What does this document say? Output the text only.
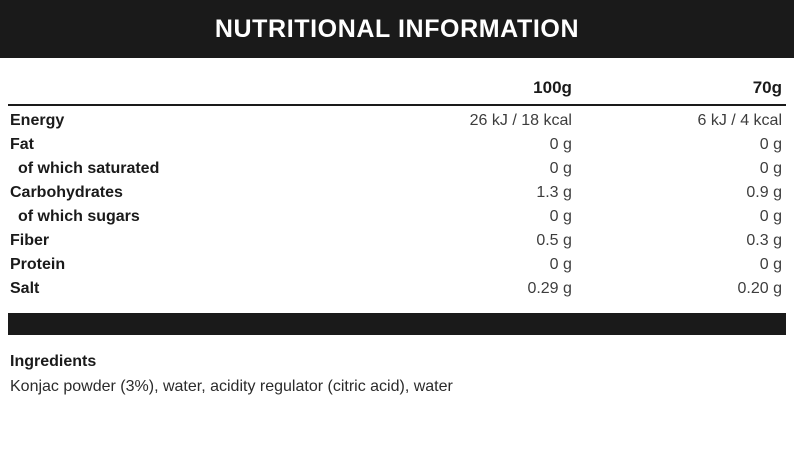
NUTRITIONAL INFORMATION
	100g	70g
Energy	26 kJ / 18 kcal	6 kJ / 4 kcal
Fat	0 g	0 g
of which saturated	0 g	0 g
Carbohydrates	1.3 g	0.9 g
of which sugars	0 g	0 g
Fiber	0.5 g	0.3 g
Protein	0 g	0 g
Salt	0.29 g	0.20 g
Ingredients

Konjac powder (3%), water, acidity regulator (citric acid), water
